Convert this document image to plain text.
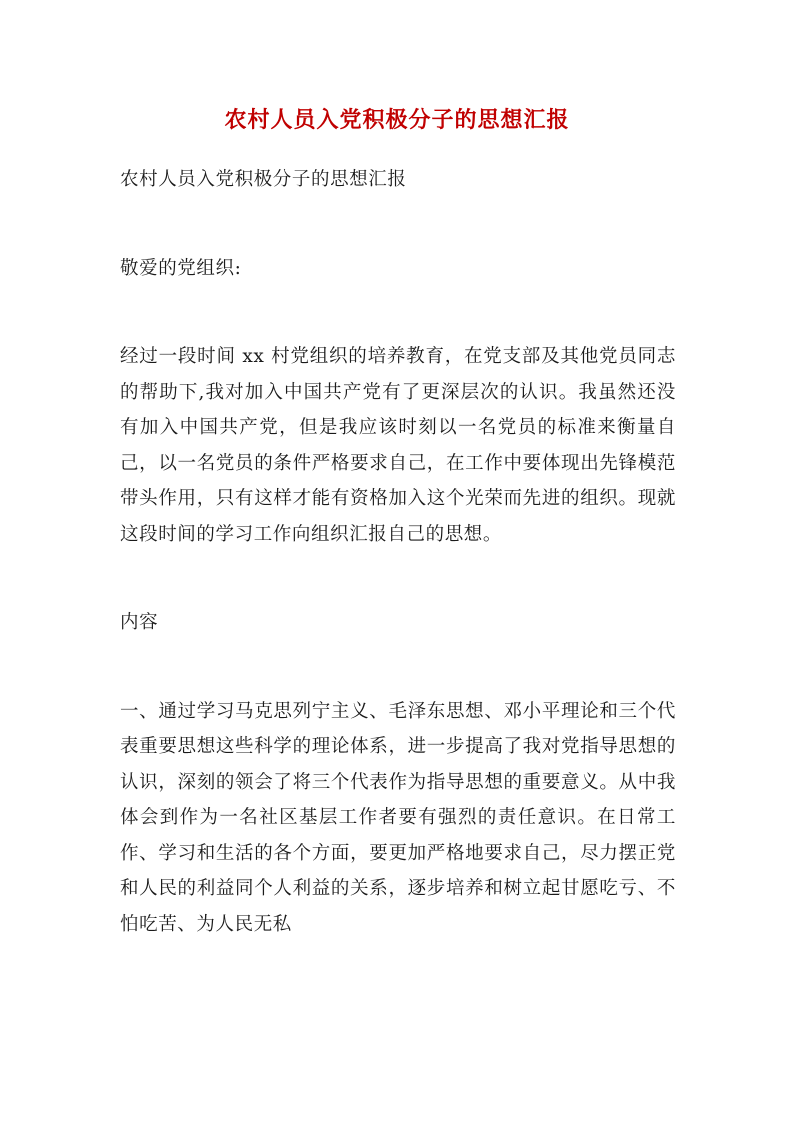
农村人员入党积极分子的思想汇报

农村人员入党积极分子的思想汇报

敬爱的党组织:

经过一段时间 xx 村党组织的培养教育，在党支部及其他党员同志的帮助下,我对加入中国共产党有了更深层次的认识。我虽然还没有加入中国共产党，但是我应该时刻以一名党员的标准来衡量自己，以一名党员的条件严格要求自己，在工作中要体现出先锋模范带头作用，只有这样才能有资格加入这个光荣而先进的组织。现就这段时间的学习工作向组织汇报自己的思想。

内容

一、通过学习马克思列宁主义、毛泽东思想、邓小平理论和三个代表重要思想这些科学的理论体系，进一步提高了我对党指导思想的认识，深刻的领会了将三个代表作为指导思想的重要意义。从中我体会到作为一名社区基层工作者要有强烈的责任意识。在日常工作、学习和生活的各个方面，要更加严格地要求自己，尽力摆正党和人民的利益同个人利益的关系，逐步培养和树立起甘愿吃亏、不怕吃苦、为人民无私
